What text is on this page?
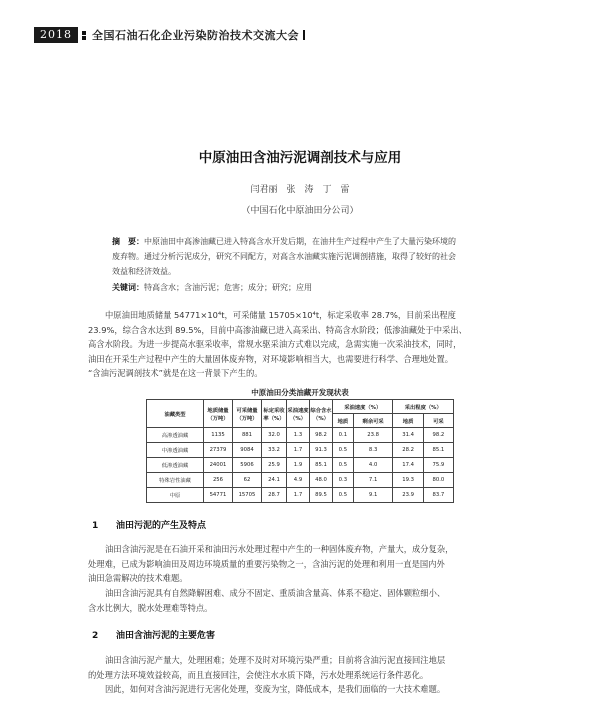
2018	全国石油石化企业污染防治技术交流大会
中原油田含油污泥调剖技术与应用
闫君丽　张　涛　丁　雷
（中国石化中原油田分公司）
摘　要：中原油田中高渗油藏已进入特高含水开发后期，在油井生产过程中产生了大量污染环境的
废弃物。通过分析污泥成分，研究不同配方，对高含水油藏实施污泥调剖措施，取得了较好的社会
效益和经济效益。
关键词：特高含水；含油污泥；危害；成分；研究；应用
中原油田地质储量 54771×10⁴t，可采储量 15705×10⁴t，标定采收率 28.7%，目前采出程度
23.9%，综合含水达到 89.5%，目前中高渗油藏已进入高采出、特高含水阶段；低渗油藏处于中采出、
高含水阶段。为进一步提高水驱采收率，常规水驱采油方式难以完成，急需实施一次采油技术，同时，
油田在开采生产过程中产生的大量固体废弃物，对环境影响相当大，也需要进行科学、合理地处置。
“含油污泥调剖技术”就是在这一背景下产生的。
中原油田分类油藏开发现状表
油藏类型	地质储量（万吨）	可采储量（万吨）	标定采收率（%）	采油速度（%）	综合含水（%）	采油速度（%）		采出程度（%）	
						地质	剩余可采	地质	可采
高渗透油藏	1135	881	32.0	1.3	98.2	0.1	23.8	31.4	98.2
中渗透油藏	27379	9084	33.2	1.7	91.3	0.5	8.3	28.2	85.1
低渗透油藏	24001	5906	25.9	1.9	85.1	0.5	4.0	17.4	75.9
特殊岩性油藏	256	62	24.1	4.9	48.0	0.3	7.1	19.3	80.0
中原	54771	15705	28.7	1.7	89.5	0.5	9.1	23.9	83.7
1 油田污泥的产生及特点
油田含油污泥是在石油开采和油田污水处理过程中产生的一种固体废弃物，产量大，成分复杂，
处理难，已成为影响油田及周边环境质量的重要污染物之一，含油污泥的处理和利用一直是国内外
油田急需解决的技术难题。
油田含油污泥具有自然降解困难、成分不固定、重质油含量高、体系不稳定、固体颗粒细小、
含水比例大，脱水处理难等特点。
2 油田含油污泥的主要危害
油田含油污泥产量大，处理困难；处理不及时对环境污染严重；目前将含油污泥直接回注地层
的处理方法环境效益较高，而且直接回注，会使注水水质下降，污水处理系统运行条件恶化。
因此，如何对含油污泥进行无害化处理，变废为宝，降低成本，是我们面临的一大技术难题。
